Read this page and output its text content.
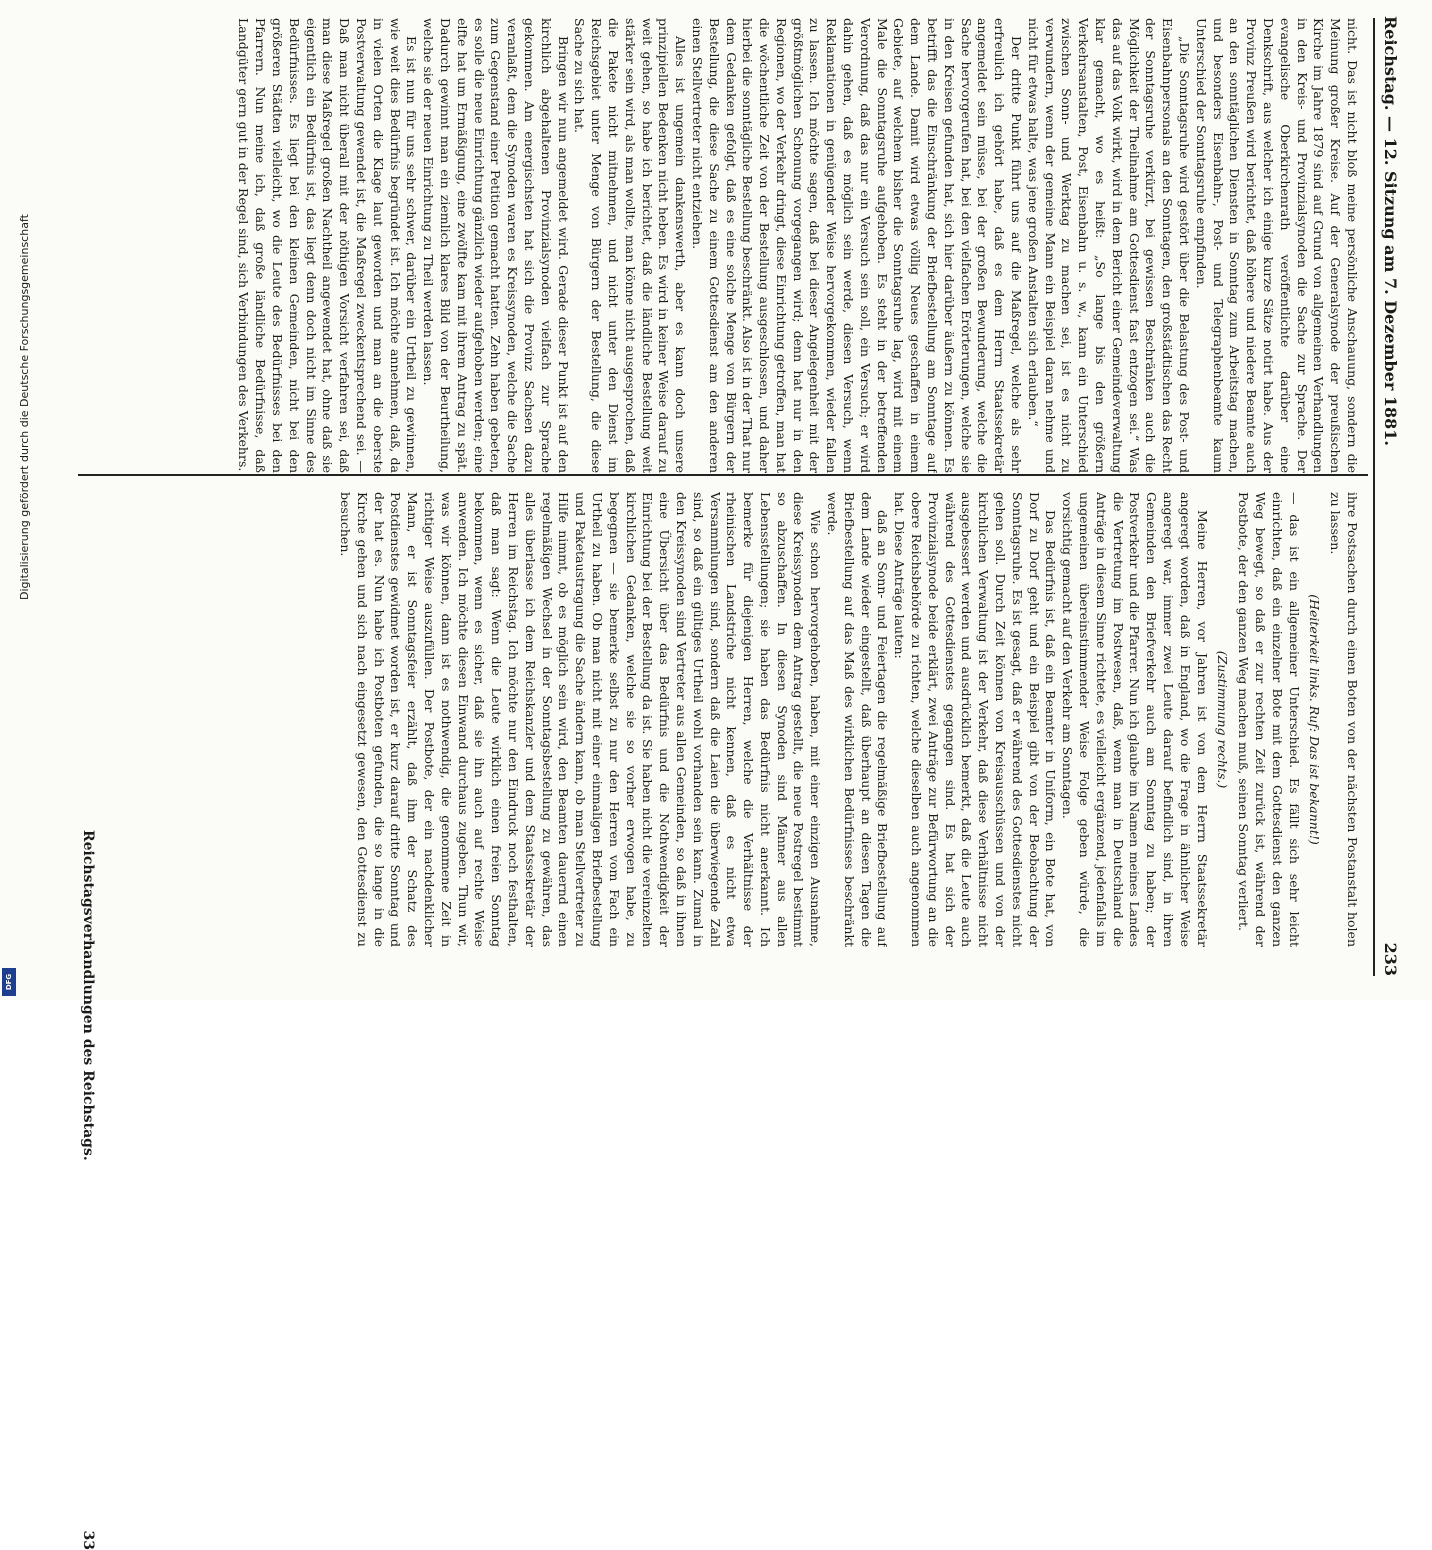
Reichstag. — 12. Sitzung am 7. Dezember 1881.
233

nicht. Das ist nicht bloß meine persönliche Anschauung, sondern die Meinung großer Kreise. Auf der Generalsynode der preußischen Kirche im Jahre 1879 sind auf Grund von allgemeinen Verhandlungen in den Kreis- und Provinzialsynoden die Sache zur Sprache. Der evangelische Oberkirchenrath veröffentlichte darüber eine Denkschrift, aus welcher ich einige kurze Sätze notirt habe. Aus der Provinz Preußen wird berichtet, daß höhere und niedere Beamte auch an den sonntäglichen Diensten in Sonntag zum Arbeitstag machen, und besonders Eisenbahn-, Post- und Telegraphenbeamte kaum Unterschied der Sonntagsruhe empfinden.

„Die Sonntagsruhe wird gestört über die Belastung des Post- und Eisenbahnpersonals an den Sonntagen, den großstädtischen das Recht der Sonntagsruhe verkürzt, bei gewissen Beschränken auch die Möglichkeit der Theilnahme am Gottesdienst fast entzogen sei.“ Was das auf das Volk wirkt, wird in dem Bericht einer Gemeindeverwaltung klar gemacht, wo es heißt: „So lange bis den größern Verkehrsanstalten, Post, Eisenbahn u. s. w., kann ein Unterschied zwischen Sonn- und Werktag zu machen sei, ist es nicht zu verwundern, wenn der gemeine Mann ein Beispiel daran nehme und nicht für etwas halte, was jene großen Anstalten sich erlauben.“

Der dritte Punkt führt uns auf die Maßregel, welche als sehr erfreulich ich gehört habe, daß es dem Herrn Staatssekretär angemeldet sein müsse, bei der großen Bewunderung, welche die Sache hervorgerufen hat, bei den vielfachen Erörterungen, welche sie in den Kreisen gefunden hat, sich hier darüber äußern zu können. Es betrifft das die Einschränkung der Briefbestellung am Sonntage auf dem Lande. Damit wird etwas völlig Neues geschaffen in einem Gebiete, auf welchem bisher die Sonntagsruhe lag, wird mit einem Male die Sonntagsruhe aufgehoben. Es steht in der betreffenden Verordnung, daß das nur ein Versuch sein soll, ein Versuch; er wird dahin gehen, daß es möglich sein werde, diesen Versuch, wenn Reklamationen in genügender Weise hervorgekommen, wieder fallen zu lassen. Ich möchte sagen, daß bei dieser Angelegenheit mit der größtmöglichen Schonung vorgegangen wird; denn hat nur in den Regionen, wo der Verkehr dringt, diese Einrichtung getroffen, man hat die wöchentliche Zeit von der Bestellung ausgeschlossen, und daher hierbei die sonntägliche Bestellung beschränkt. Also ist in der That nur dem Gedanken gefolgt, daß es eine solche Menge von Bürgern der Bestellung, die diese Sache zu einem Gottesdienst am den anderen einen Stellvertreter nicht entziehen.

Alles ist ungemein dankenswerth, aber es kann doch unsere prinzipiellen Bedenken nicht heben. Es wird in keiner Weise darauf zu weit gehen, so habe ich berichtet, daß die ländliche Bestellung weit stärker sein wird, als man wollte, man könne nicht ausgesprochen, daß die Pakete nicht mitnehmen, und nicht unter den Dienst im Reichsgebiet unter Menge von Bürgern der Bestellung, die diese Sache zu sich hat.

Bringen wir nun angemeldet wird. Gerade dieser Punkt ist auf den kirchlich abgehaltenen Provinzialsynoden vielfach zur Sprache gekommen. Am energischsten hat sich die Provinz Sachsen dazu veranlaßt, dem die Synoden waren es Kreissynoden, welche die Sache zum Gegenstand einer Petition gemacht hatten. Zehn haben gebeten, es solle die neue Einrichtung gänzlich wieder aufgehoben werden; eine elfte hat um Ermäßigung, eine zwölfte kam mit ihrem Antrag zu spät. Dadurch gewinnt man ein ziemlich klares Bild von der Beurtheilung, welche sie der neuen Einrichtung zu Theil werden lassen.

Es ist nun für uns sehr schwer, darüber ein Urtheil zu gewinnen, wie weit dies Bedürfnis begründet ist. Ich möchte annehmen, daß, da in vielen Orten die Klage laut geworden und man an die oberste Postverwaltung gewendet ist, die Maßregel zweckentsprechend sei. — Daß man nicht überall mit der nöthigen Vorsicht verfahren sei, daß man diese Maßregel großen Nachtheil angewendet hat, ohne daß sie eigentlich ein Bedürfnis ist, das liegt denn doch nicht im Sinne des Bedürfnisses. Es liegt bei den kleinen Gemeinden, nicht bei den größeren Städten vielleicht, wo die Leute des Bedürfnisses bei den Pfarrern. Nun meine ich, daß große ländliche Bedürfnisse, daß Landgüter gern gut in der Regel sind, sich Verbindungen des Verkehrs.

ihre Postsachen durch einen Boten von der nächsten Postanstalt holen zu lassen.

(Heiterkeit links. Ruf: Das ist bekannt!)

— das ist ein allgemeiner Unterschied. Es fällt sich sehr leicht einrichten, daß ein einzelner Bote mit dem Gottesdienst den ganzen Weg bewegt, so daß er zur rechten Zeit zurück ist, während der Postbote, der den ganzen Weg machen muß, seinen Sonntag verliert.

(Zustimmung rechts.)

Meine Herren, vor Jahren ist von dem Herrn Staatssekretär angeregt worden, daß in England, wo die Frage in ähnlicher Weise angeregt war, immer zwei Leute darauf befindlich sind, in ihren Gemeinden den Briefverkehr auch am Sonntag zu haben; der Postverkehr und die Pfarrer. Nun ich glaube im Namen meines Landes die Vertretung im Postwesen, daß, wenn man in Deutschland die Anträge in diesem Sinne richtete, es vielleicht ergänzend, jedenfalls im ungemeinen übereinstimmender Weise Folge geben würde, die vorsichtig gemacht auf den Verkehr am Sonntagen.

Das Bedürfnis ist, daß ein Beamter in Uniform, ein Bote hat, von Dorf zu Dorf geht und ein Beispiel gibt von der Beobachtung der Sonntagsruhe. Es ist gesagt, daß er während des Gottesdienstes nicht gehen soll. Durch Zeit können von Kreisausschüssen und von der kirchlichen Verwaltung ist der Verkehr, daß diese Verhältnisse nicht ausgebessert werden und ausdrücklich bemerkt, daß die Leute auch während des Gottesdienstes gegangen sind. Es hat sich der Provinzialsynode beide erklärt, zwei Anträge zur Befürwortung an die obere Reichsbehörde zu richten, welche dieselben auch angenommen hat. Diese Anträge lauten:

daß an Sonn- und Feiertagen die regelmäßige Briefbestellung auf dem Lande wieder eingestellt, daß überhaupt an diesen Tagen die Briefbestellung auf das Maß des wirklichen Bedürfnisses beschränkt werde.

Wie schon hervorgehoben, haben, mit einer einzigen Ausnahme, diese Kreissynoden dem Antrag gestellt, die neue Postregel bestimmt so abzuschaffen. In diesen Synoden sind Männer aus allen Lebensstellungen; sie haben das Bedürfnis nicht anerkannt. Ich bemerke für diejenigen Herren, welche die Verhältnisse der rheinischen Landstriche nicht kennen, daß es nicht etwa Versammlungen sind, sondern daß die Laien die überwiegende Zahl sind, so daß ein gültiges Urtheil wohl vorhanden sein kann. Zumal in den Kreissynoden sind Vertreter aus allen Gemeinden, so daß in ihnen eine Übersicht über das Bedürfnis und die Nothwendigkeit der Einrichtung bei der Bestellung da ist. Sie haben nicht die vereinzelten kirchlichen Gedanken, welche sie so vorher erwogen habe, zu begegnen — sie bemerke selbst zu nur den Herren vom Fach ein Urtheil zu haben. Ob man nicht mit einer einmaligen Briefbestellung und Paketaustragung die Sache ändern kann, ob man Stellvertreter zu Hilfe nimmt, ob es möglich sein wird, den Beamten dauernd einen regelmäßigen Wechsel in der Sonntagsbestellung zu gewähren, das alles überlasse ich dem Reichskanzler und dem Staatssekretär der Herren im Reichstag. Ich möchte nur den Eindruck noch festhalten, daß man sagt: Wenn die Leute wirklich einen freien Sonntag bekommen, wenn es sicher, daß sie ihn auch auf rechte Weise anwenden. Ich möchte diesen Einwand durchaus zugeben. Thun wir, was wir können, dann ist es nothwendig, die genommene Zeit in richtiger Weise auszufüllen. Der Postbote, der ein nachdenklicher Mann, er ist Sonntagsfeier erzählt, daß ihm der Schatz des Postdienstes gewidmet worden ist, er kurz darauf dritte Sonntag und der hat es. Nun habe ich Postboten gefunden, die so lange in die Kirche gehen und sich nach eingesetzt gewesen, den Gottesdienst zu besuchen.

Reichstagsverhandlungen des Reichstags.  33
Digitalisierung gefördert durch die Deutsche Forschungsgemeinschaft
DFG
